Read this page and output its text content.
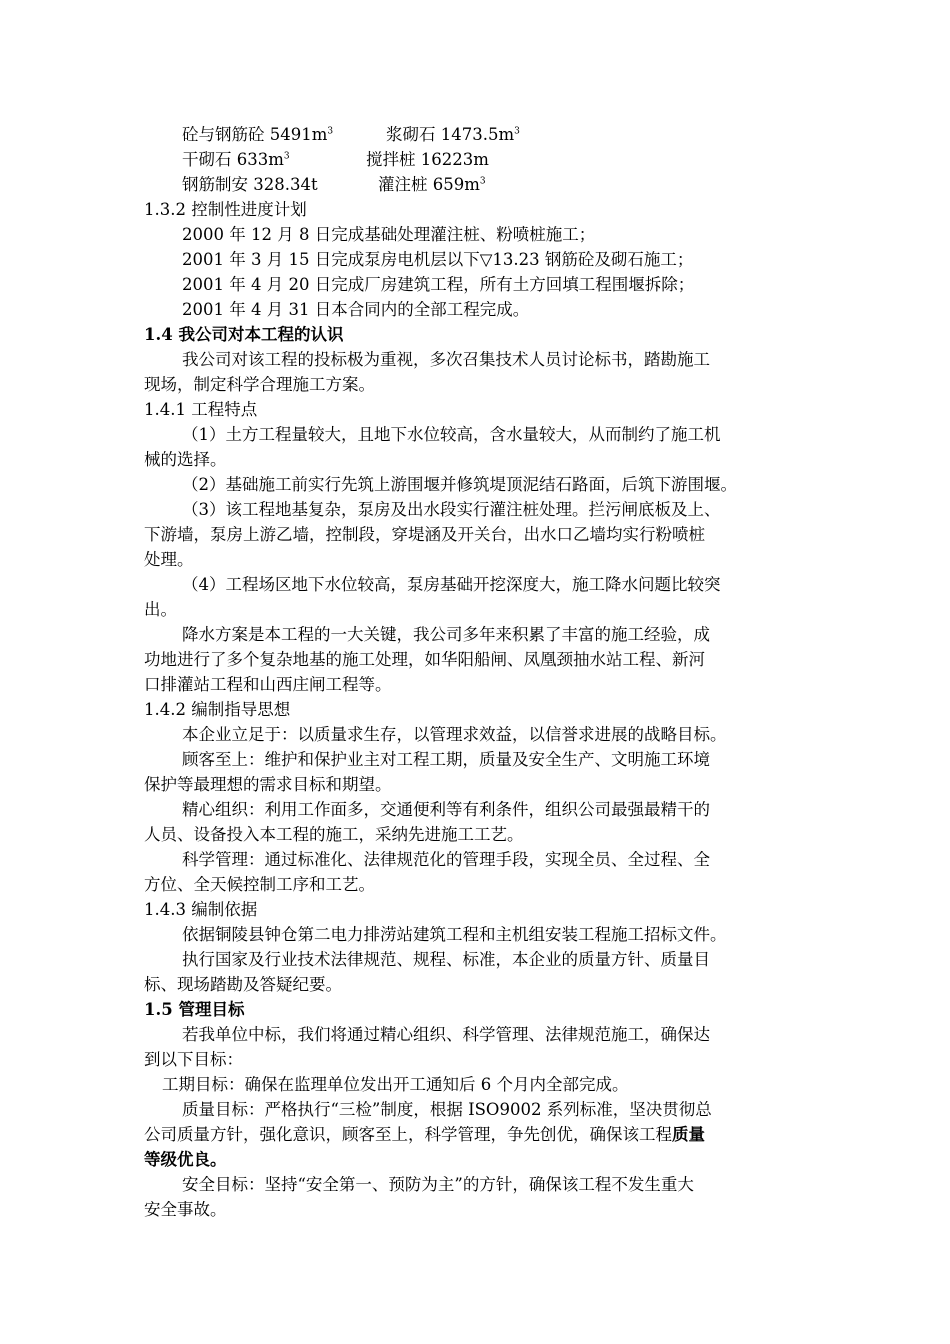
砼与钢筋砼 $5491m^3$	浆砌石 $1473.5m^3$
干砌石 $633m^3$	搅拌桩 16223m
钢筋制安 328.34t	灌注桩 $659m^3$
1.3.2 控制性进度计划
2000 年 12 月 8 日完成基础处理灌注桩、粉喷桩施工；
2001 年 3 月 15 日完成泵房电机层以下▽13.23 钢筋砼及砌石施工；
2001 年 4 月 20 日完成厂房建筑工程，所有土方回填工程围堰拆除；
2001 年 4 月 31 日本合同内的全部工程完成。
1.4 我公司对本工程的认识
我公司对该工程的投标极为重视，多次召集技术人员讨论标书，踏勘施工
现场，制定科学合理施工方案。
1.4.1 工程特点
（1）土方工程量较大，且地下水位较高，含水量较大，从而制约了施工机
械的选择。
（2）基础施工前实行先筑上游围堰并修筑堤顶泥结石路面，后筑下游围堰。
（3）该工程地基复杂，泵房及出水段实行灌注桩处理。拦污闸底板及上、
下游墙，泵房上游乙墙，控制段，穿堤涵及开关台，出水口乙墙均实行粉喷桩
处理。
（4）工程场区地下水位较高，泵房基础开挖深度大，施工降水问题比较突
出。
降水方案是本工程的一大关键，我公司多年来积累了丰富的施工经验，成
功地进行了多个复杂地基的施工处理，如华阳船闸、凤凰颈抽水站工程、新河
口排灌站工程和山西庄闸工程等。
1.4.2 编制指导思想
本企业立足于：以质量求生存，以管理求效益，以信誉求进展的战略目标。
顾客至上：维护和保护业主对工程工期，质量及安全生产、文明施工环境
保护等最理想的需求目标和期望。
精心组织：利用工作面多，交通便利等有利条件，组织公司最强最精干的
人员、设备投入本工程的施工，采纳先进施工工艺。
科学管理：通过标准化、法律规范化的管理手段，实现全员、全过程、全
方位、全天候控制工序和工艺。
1.4.3 编制依据
依据铜陵县钟仓第二电力排涝站建筑工程和主机组安装工程施工招标文件。
执行国家及行业技术法律规范、规程、标准，本企业的质量方针、质量目
标、现场踏勘及答疑纪要。
1.5 管理目标
若我单位中标，我们将通过精心组织、科学管理、法律规范施工，确保达
到以下目标：
工期目标：确保在监理单位发出开工通知后 6 个月内全部完成。
质量目标：严格执行“三检”制度，根据 ISO9002 系列标准，坚决贯彻总
公司质量方针，强化意识，顾客至上，科学管理，争先创优，确保该工程质量
等级优良。
安全目标：坚持“安全第一、预防为主”的方针，确保该工程不发生重大
安全事故。
